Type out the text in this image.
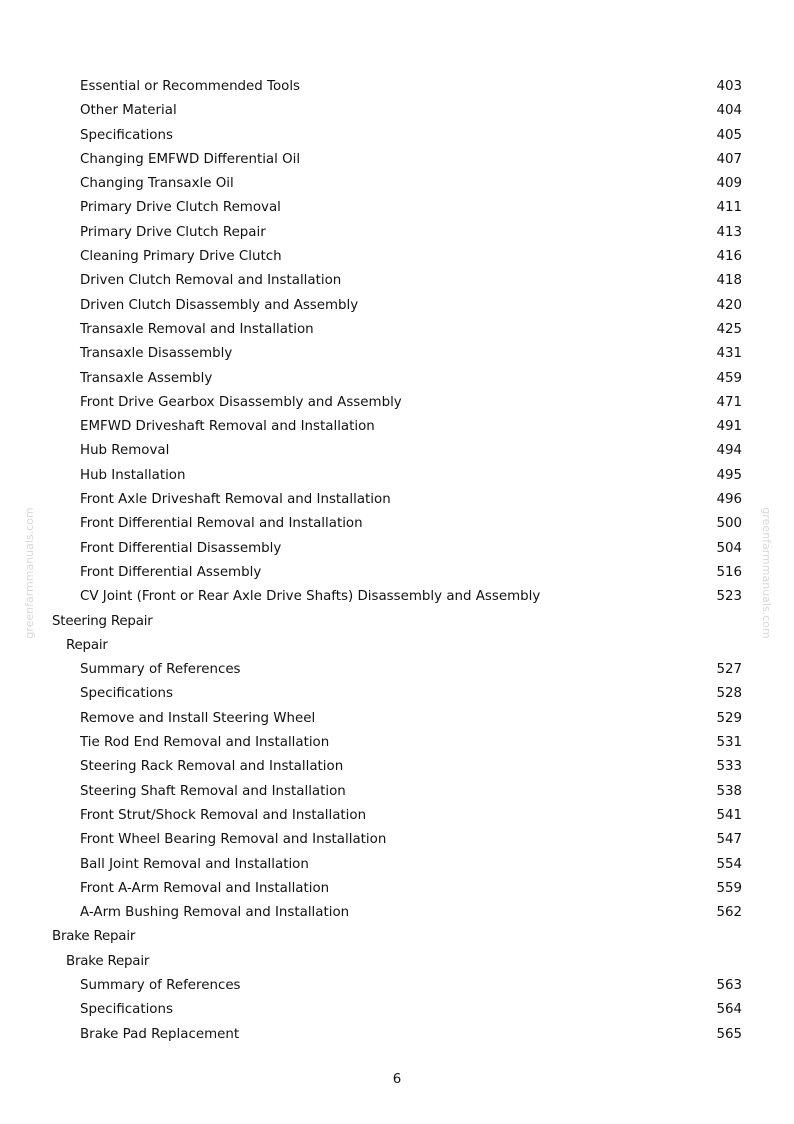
Essential or Recommended Tools	403
Other Material	404
Specifications	405
Changing EMFWD Differential Oil	407
Changing Transaxle Oil	409
Primary Drive Clutch Removal	411
Primary Drive Clutch Repair	413
Cleaning Primary Drive Clutch	416
Driven Clutch Removal and Installation	418
Driven Clutch Disassembly and Assembly	420
Transaxle Removal and Installation	425
Transaxle Disassembly	431
Transaxle Assembly	459
Front Drive Gearbox Disassembly and Assembly	471
EMFWD Driveshaft Removal and Installation	491
Hub Removal	494
Hub Installation	495
Front Axle Driveshaft Removal and Installation	496
Front Differential Removal and Installation	500
Front Differential Disassembly	504
Front Differential Assembly	516
CV Joint (Front or Rear Axle Drive Shafts) Disassembly and Assembly	523
Steering Repair
Repair
Summary of References	527
Specifications	528
Remove and Install Steering Wheel	529
Tie Rod End Removal and Installation	531
Steering Rack Removal and Installation	533
Steering Shaft Removal and Installation	538
Front Strut/Shock Removal and Installation	541
Front Wheel Bearing Removal and Installation	547
Ball Joint Removal and Installation	554
Front A-Arm Removal and Installation	559
A-Arm Bushing Removal and Installation	562
Brake Repair
Brake Repair
Summary of References	563
Specifications	564
Brake Pad Replacement	565
6
greenfarmmanuals.com	greenfarmmanuals.com
